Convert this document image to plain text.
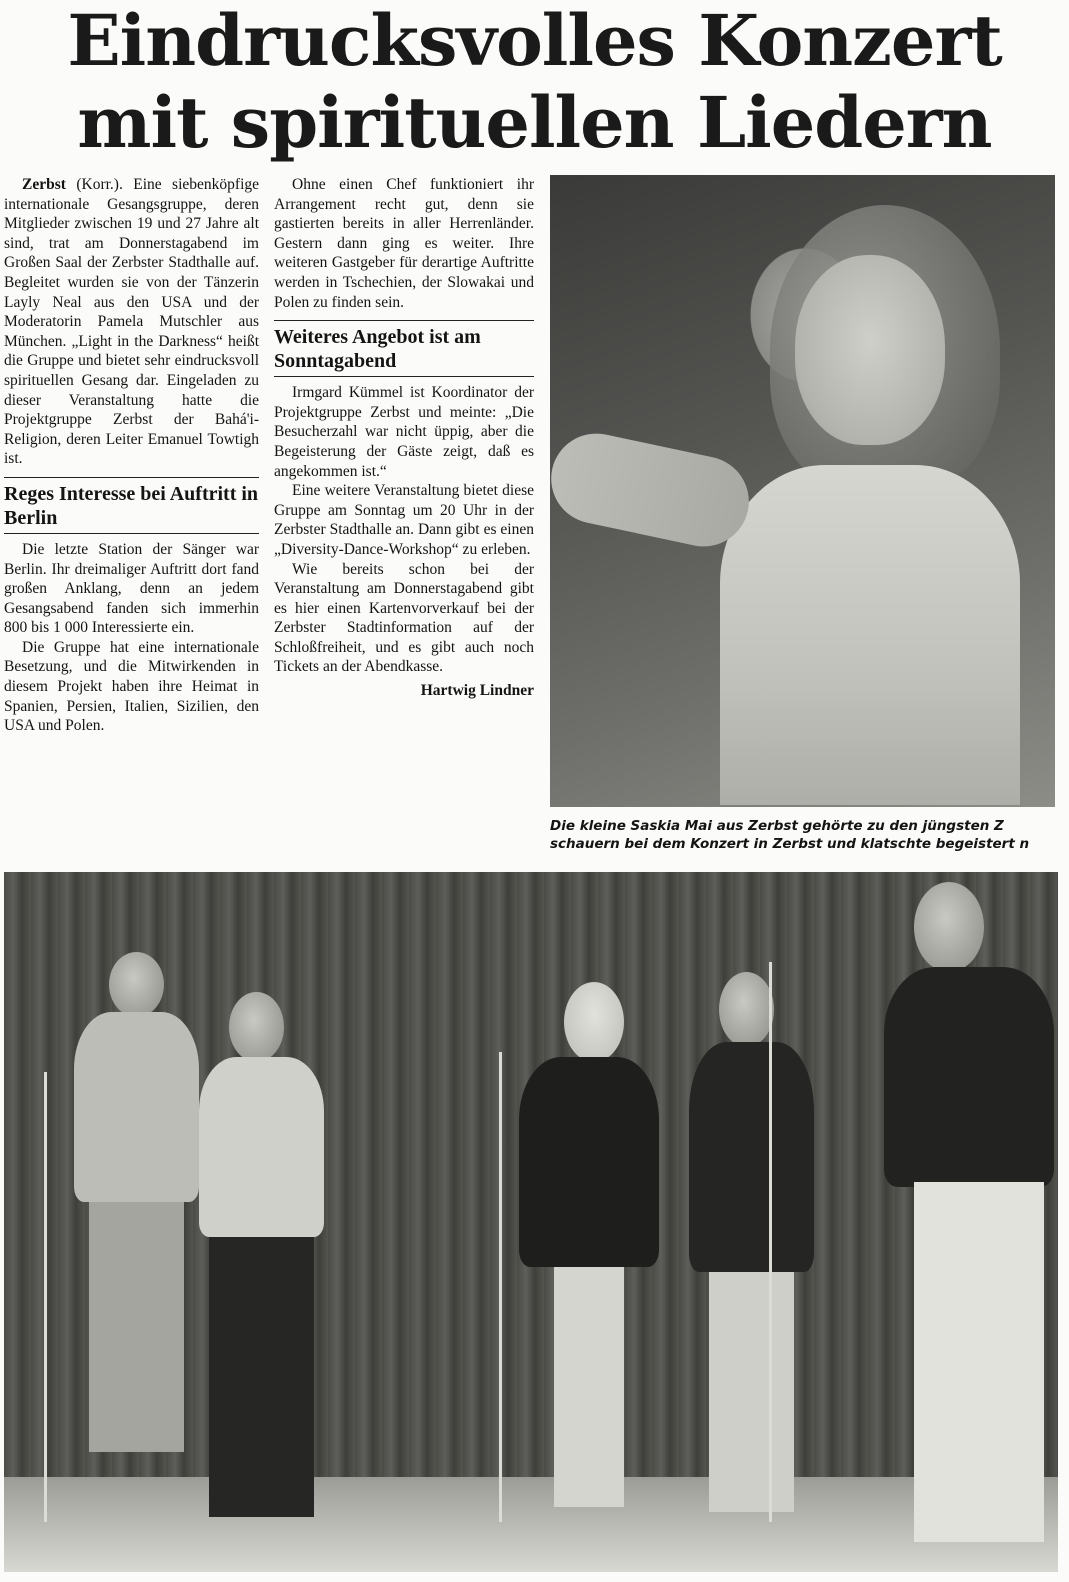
Eindrucksvolles Konzert
mit spirituellen Liedern

Zerbst (Korr.). Eine siebenköpfige internationale Gesangsgruppe, deren Mitglieder zwischen 19 und 27 Jahre alt sind, trat am Donnerstagabend im Großen Saal der Zerbster Stadthalle auf. Begleitet wurden sie von der Tänzerin Layly Neal aus den USA und der Moderatorin Pamela Mutschler aus München. „Light in the Darkness“ heißt die Gruppe und bietet sehr eindrucksvoll spirituellen Gesang dar. Eingeladen zu dieser Veranstaltung hatte die Projektgruppe Zerbst der Bahá'i-Religion, deren Leiter Emanuel Towtigh ist.

Reges Interesse bei Auftritt in Berlin

Die letzte Station der Sänger war Berlin. Ihr dreimaliger Auftritt dort fand großen Anklang, denn an jedem Gesangsabend fanden sich immerhin 800 bis 1 000 Interessierte ein.

Die Gruppe hat eine internationale Besetzung, und die Mitwirkenden in diesem Projekt haben ihre Heimat in Spanien, Persien, Italien, Sizilien, den USA und Polen.

Ohne einen Chef funktioniert ihr Arrangement recht gut, denn sie gastierten bereits in aller Herrenländer. Gestern dann ging es weiter. Ihre weiteren Gastgeber für derartige Auftritte werden in Tschechien, der Slowakai und Polen zu finden sein.

Weiteres Angebot ist am Sonntagabend

Irmgard Kümmel ist Koordinator der Projektgruppe Zerbst und meinte: „Die Besucherzahl war nicht üppig, aber die Begeisterung der Gäste zeigt, daß es angekommen ist.“

Eine weitere Veranstaltung bietet diese Gruppe am Sonntag um 20 Uhr in der Zerbster Stadthalle an. Dann gibt es einen „Diversity-Dance-Workshop“ zu erleben.

Wie bereits schon bei der Veranstaltung am Donnerstagabend gibt es hier einen Kartenvorverkauf bei der Zerbster Stadtinformation auf der Schloßfreiheit, und es gibt auch noch Tickets an der Abendkasse.

Hartwig Lindner
Die kleine Saskia Mai aus Zerbst gehörte zu den jüngsten Z
schauern bei dem Konzert in Zerbst und klatschte begeistert n
